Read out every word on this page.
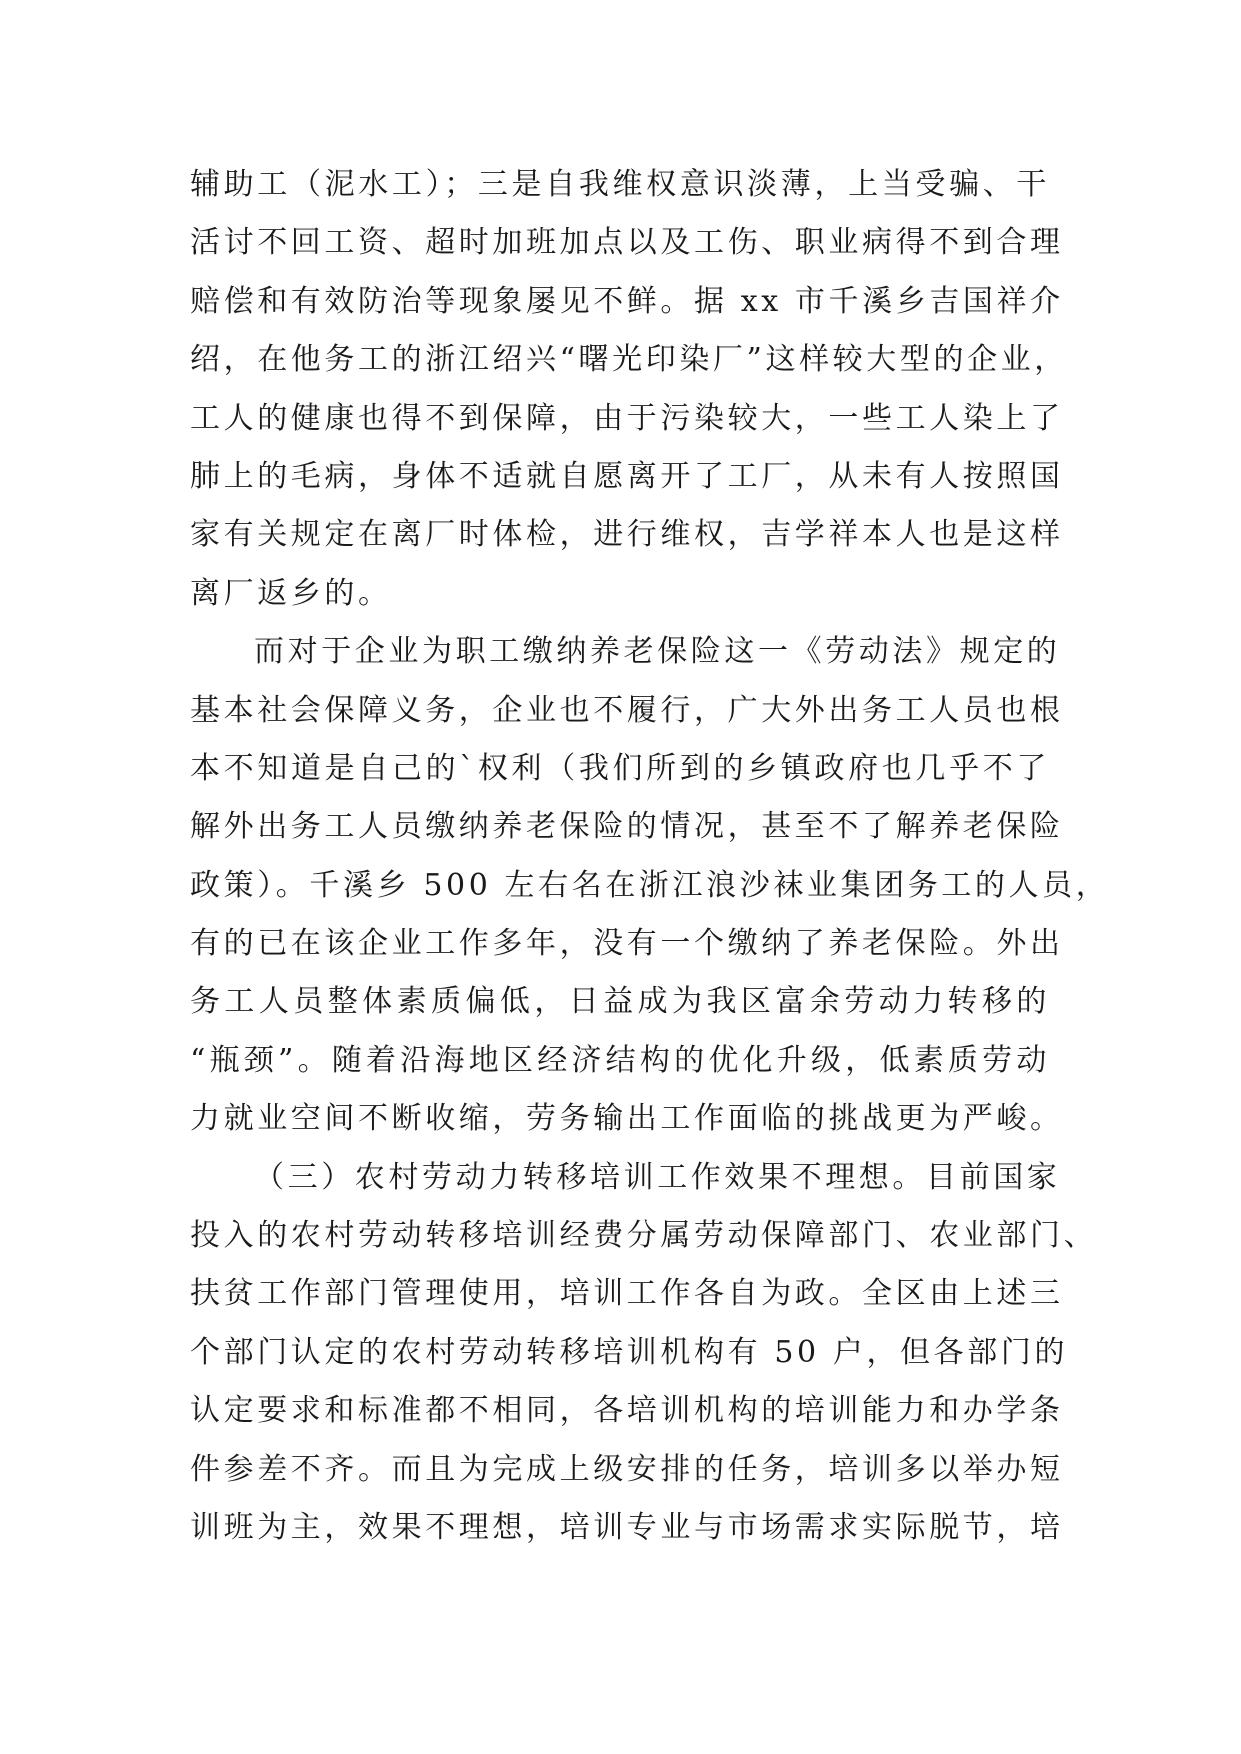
辅助工（泥水工）；三是自我维权意识淡薄，上当受骗、干
活讨不回工资、超时加班加点以及工伤、职业病得不到合理
赔偿和有效防治等现象屡见不鲜。据 xx 市千溪乡吉国祥介
绍，在他务工的浙江绍兴“曙光印染厂”这样较大型的企业，
工人的健康也得不到保障，由于污染较大，一些工人染上了
肺上的毛病，身体不适就自愿离开了工厂，从未有人按照国
家有关规定在离厂时体检，进行维权，吉学祥本人也是这样
离厂返乡的。
而对于企业为职工缴纳养老保险这一《劳动法》规定的
基本社会保障义务，企业也不履行，广大外出务工人员也根
本不知道是自己的`权利（我们所到的乡镇政府也几乎不了
解外出务工人员缴纳养老保险的情况，甚至不了解养老保险
政策）。千溪乡 500 左右名在浙江浪沙袜业集团务工的人员，
有的已在该企业工作多年，没有一个缴纳了养老保险。外出
务工人员整体素质偏低，日益成为我区富余劳动力转移的
“瓶颈”。随着沿海地区经济结构的优化升级，低素质劳动
力就业空间不断收缩，劳务输出工作面临的挑战更为严峻。
（三）农村劳动力转移培训工作效果不理想。目前国家
投入的农村劳动转移培训经费分属劳动保障部门、农业部门、
扶贫工作部门管理使用，培训工作各自为政。全区由上述三
个部门认定的农村劳动转移培训机构有 50 户，但各部门的
认定要求和标准都不相同，各培训机构的培训能力和办学条
件参差不齐。而且为完成上级安排的任务，培训多以举办短
训班为主，效果不理想，培训专业与市场需求实际脱节，培
